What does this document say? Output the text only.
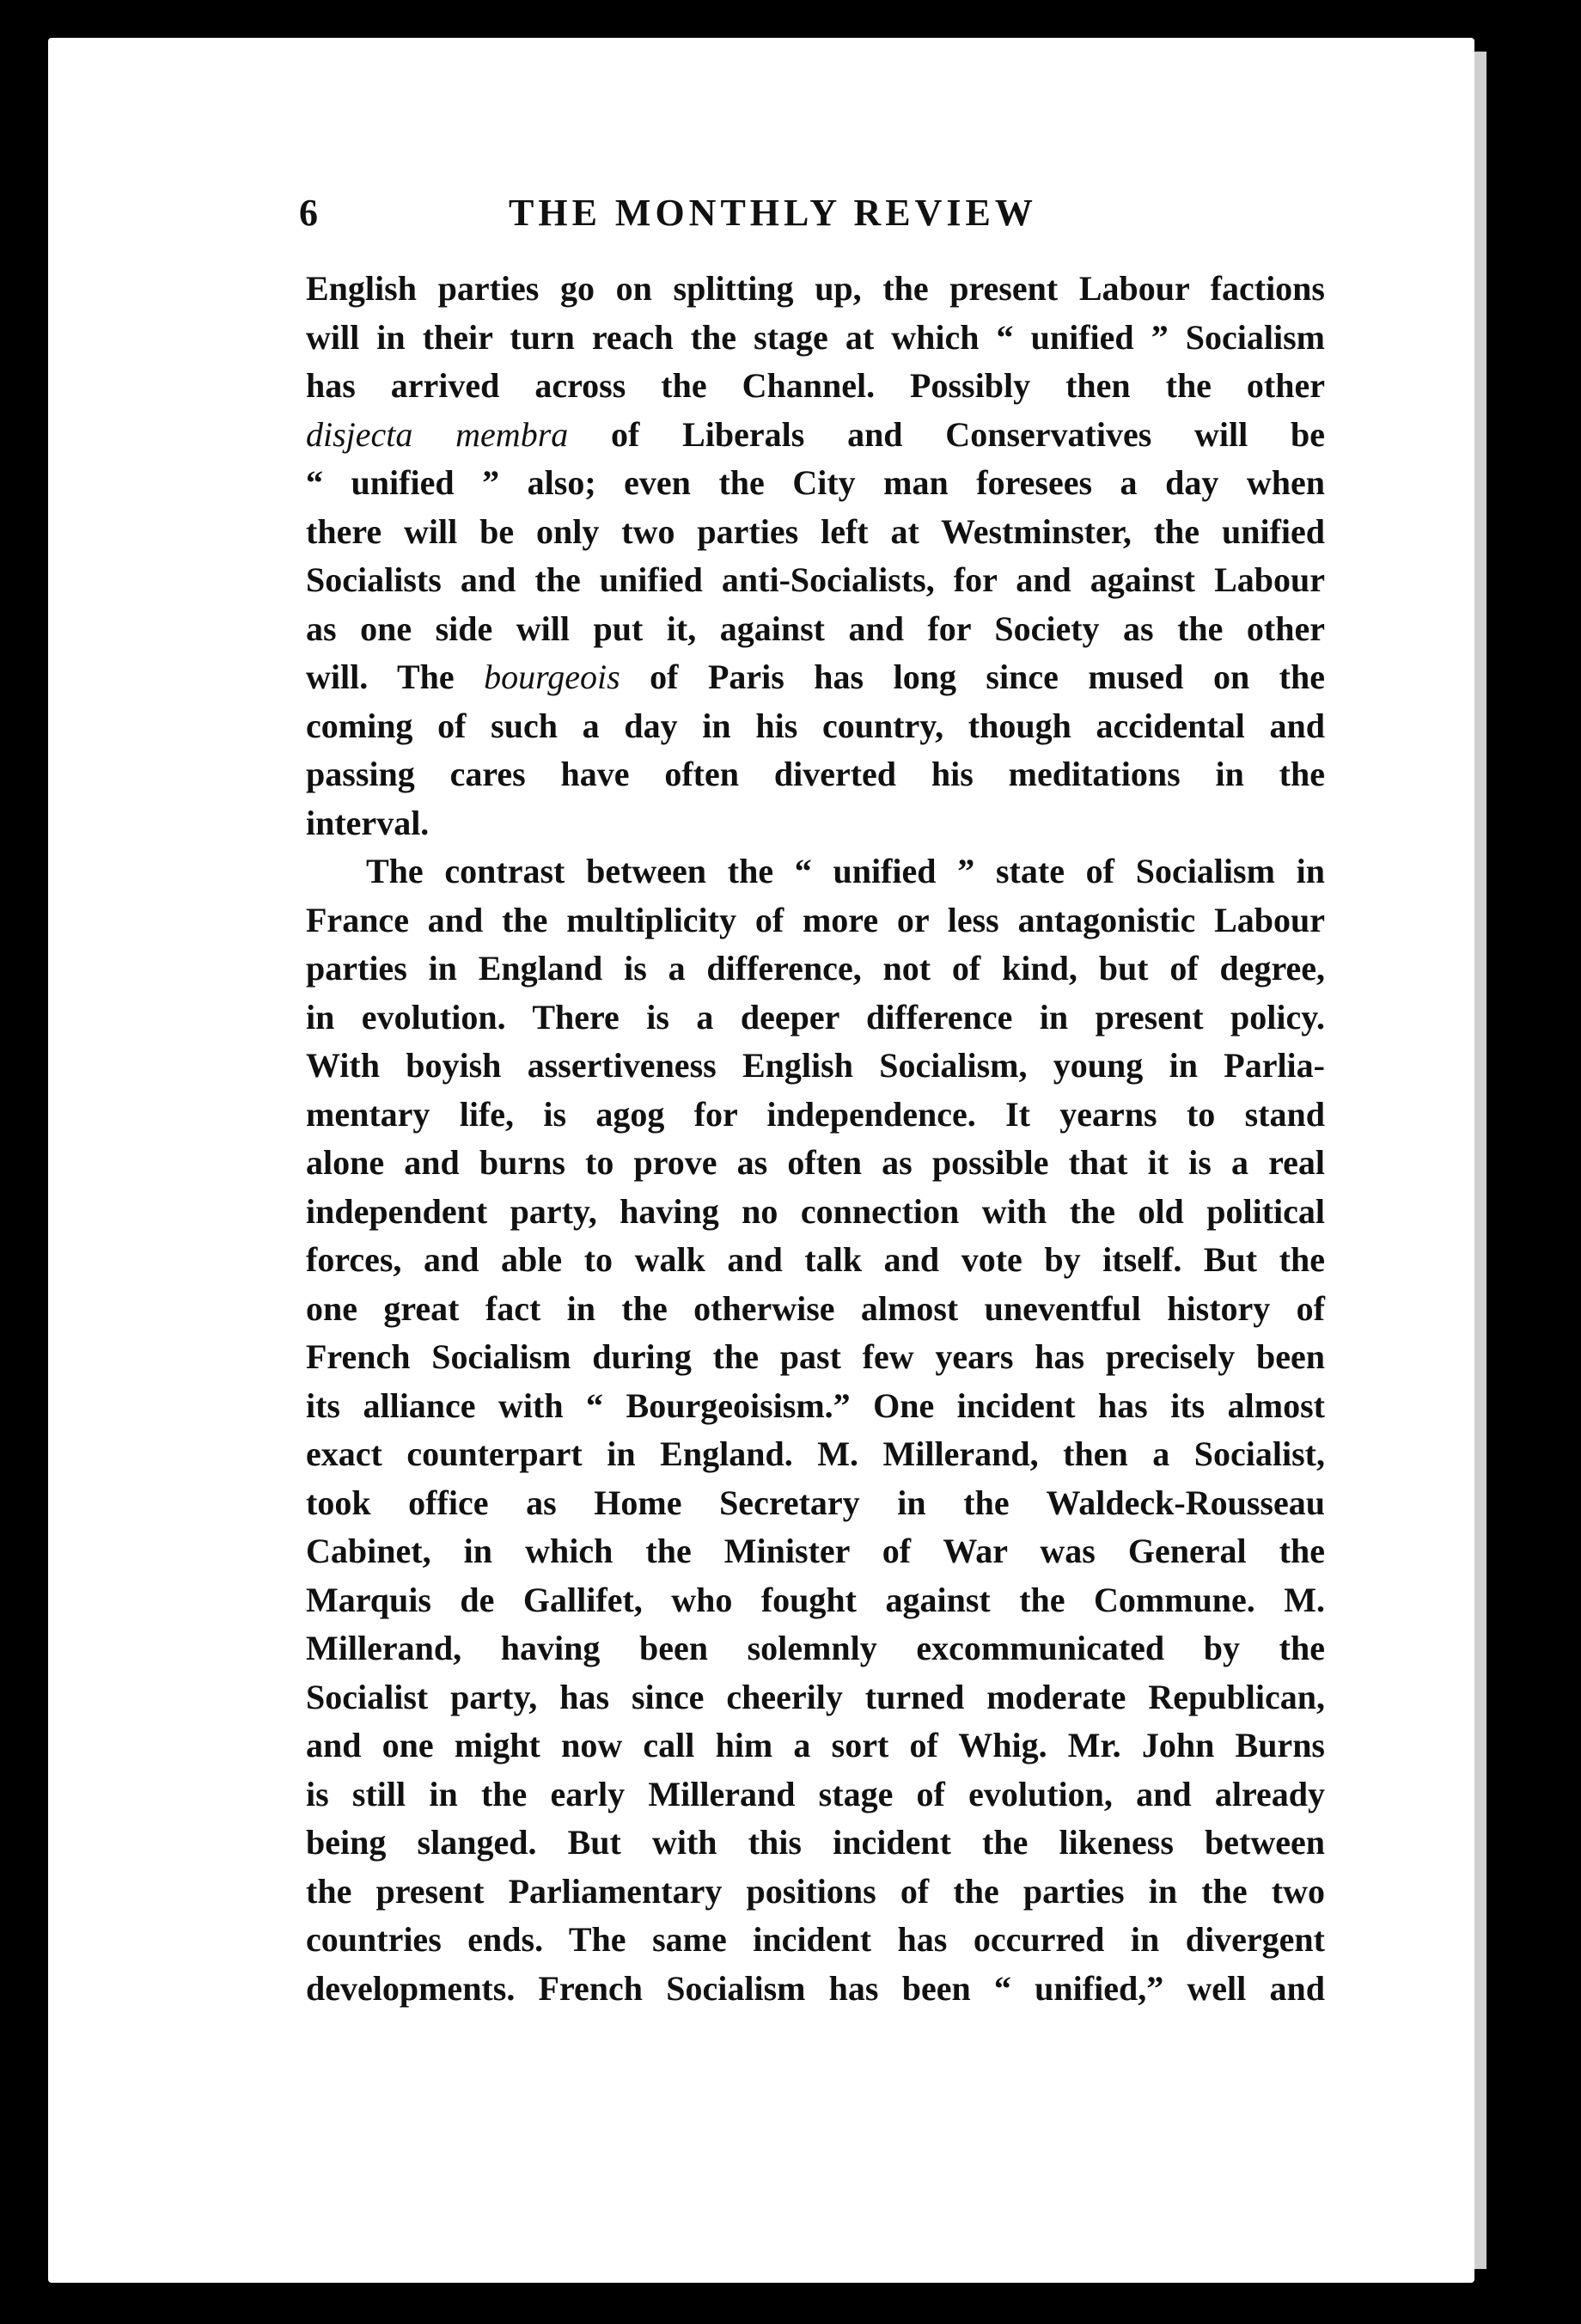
6	THE MONTHLY REVIEW
English parties go on splitting up, the present Labour factions
will in their turn reach the stage at which “ unified ” Socialism
has arrived across the Channel. Possibly then the other
disjecta membra of Liberals and Conservatives will be
“ unified ” also; even the City man foresees a day when
there will be only two parties left at Westminster, the unified
Socialists and the unified anti-Socialists, for and against Labour
as one side will put it, against and for Society as the other
will. The bourgeois of Paris has long since mused on the
coming of such a day in his country, though accidental and
passing cares have often diverted his meditations in the
interval.
The contrast between the “ unified ” state of Socialism in
France and the multiplicity of more or less antagonistic Labour
parties in England is a difference, not of kind, but of degree,
in evolution. There is a deeper difference in present policy.
With boyish assertiveness English Socialism, young in Parlia-
mentary life, is agog for independence. It yearns to stand
alone and burns to prove as often as possible that it is a real
independent party, having no connection with the old political
forces, and able to walk and talk and vote by itself. But the
one great fact in the otherwise almost uneventful history of
French Socialism during the past few years has precisely been
its alliance with “ Bourgeoisism.” One incident has its almost
exact counterpart in England. M. Millerand, then a Socialist,
took office as Home Secretary in the Waldeck-Rousseau
Cabinet, in which the Minister of War was General the
Marquis de Gallifet, who fought against the Commune. M.
Millerand, having been solemnly excommunicated by the
Socialist party, has since cheerily turned moderate Republican,
and one might now call him a sort of Whig. Mr. John Burns
is still in the early Millerand stage of evolution, and already
being slanged. But with this incident the likeness between
the present Parliamentary positions of the parties in the two
countries ends. The same incident has occurred in divergent
developments. French Socialism has been “ unified,” well and
